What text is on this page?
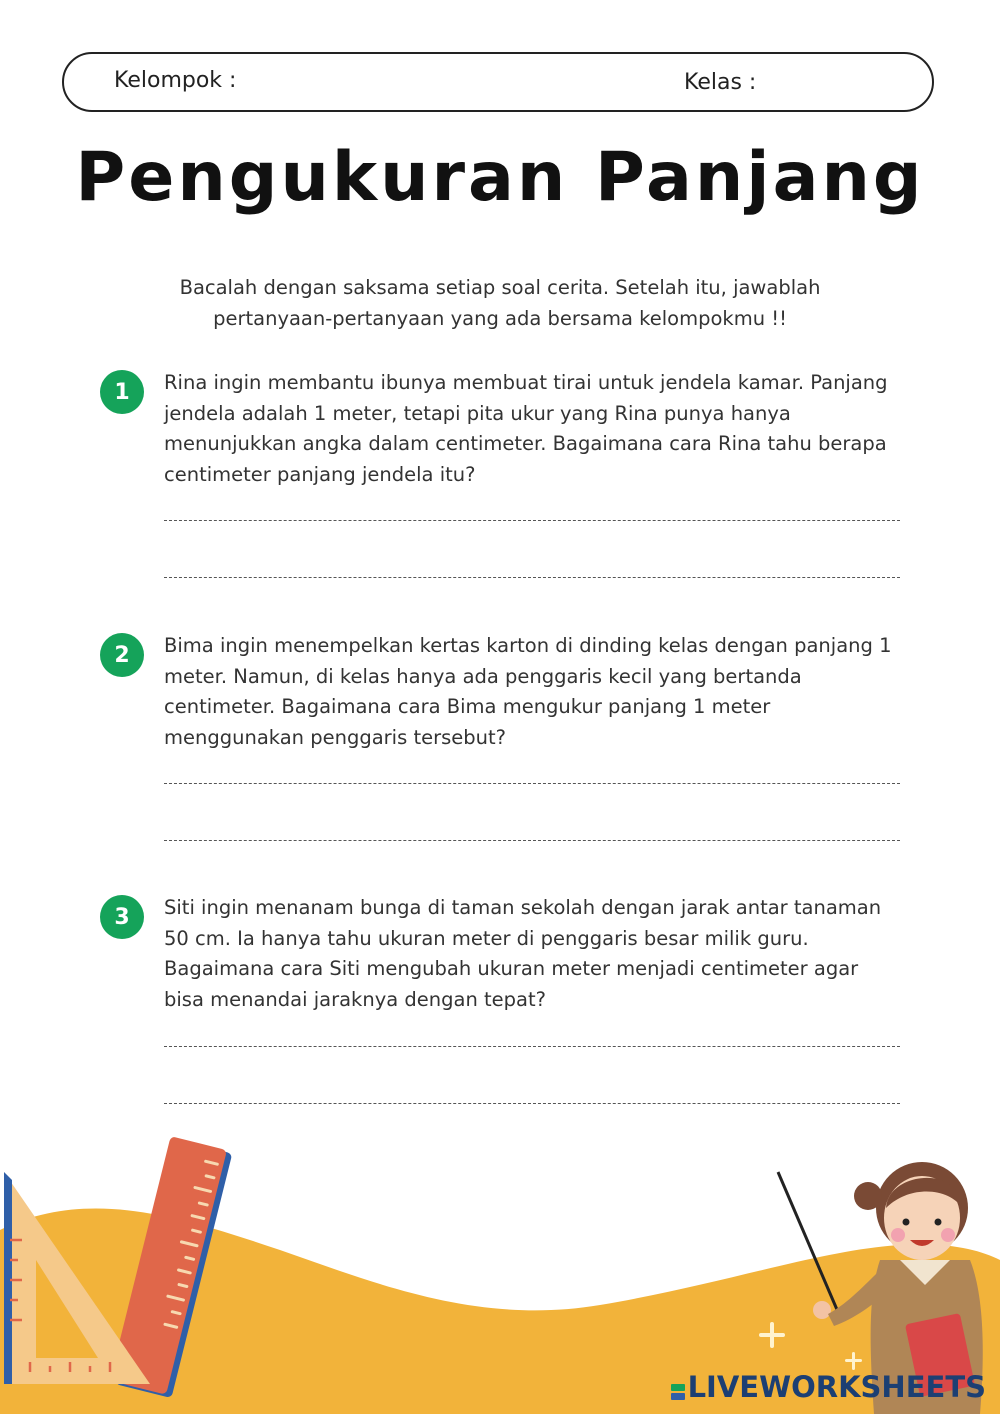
Kelompok :	Kelas :
Pengukuran Panjang
Bacalah dengan saksama setiap soal cerita. Setelah itu, jawablah pertanyaan-pertanyaan yang ada bersama kelompokmu !!
1	Rina ingin membantu ibunya membuat tirai untuk jendela kamar. Panjang jendela adalah 1 meter, tetapi pita ukur yang Rina punya hanya menunjukkan angka dalam centimeter. Bagaimana cara Rina tahu berapa centimeter panjang jendela itu?
2	Bima ingin menempelkan kertas karton di dinding kelas dengan panjang 1 meter. Namun, di kelas hanya ada penggaris kecil yang bertanda centimeter. Bagaimana cara Bima mengukur panjang 1 meter menggunakan penggaris tersebut?
3	Siti ingin menanam bunga di taman sekolah dengan jarak antar tanaman 50 cm. Ia hanya tahu ukuran meter di penggaris besar milik guru. Bagaimana cara Siti mengubah ukuran meter menjadi centimeter agar bisa menandai jaraknya dengan tepat?
LIVEWORKSHEETS
